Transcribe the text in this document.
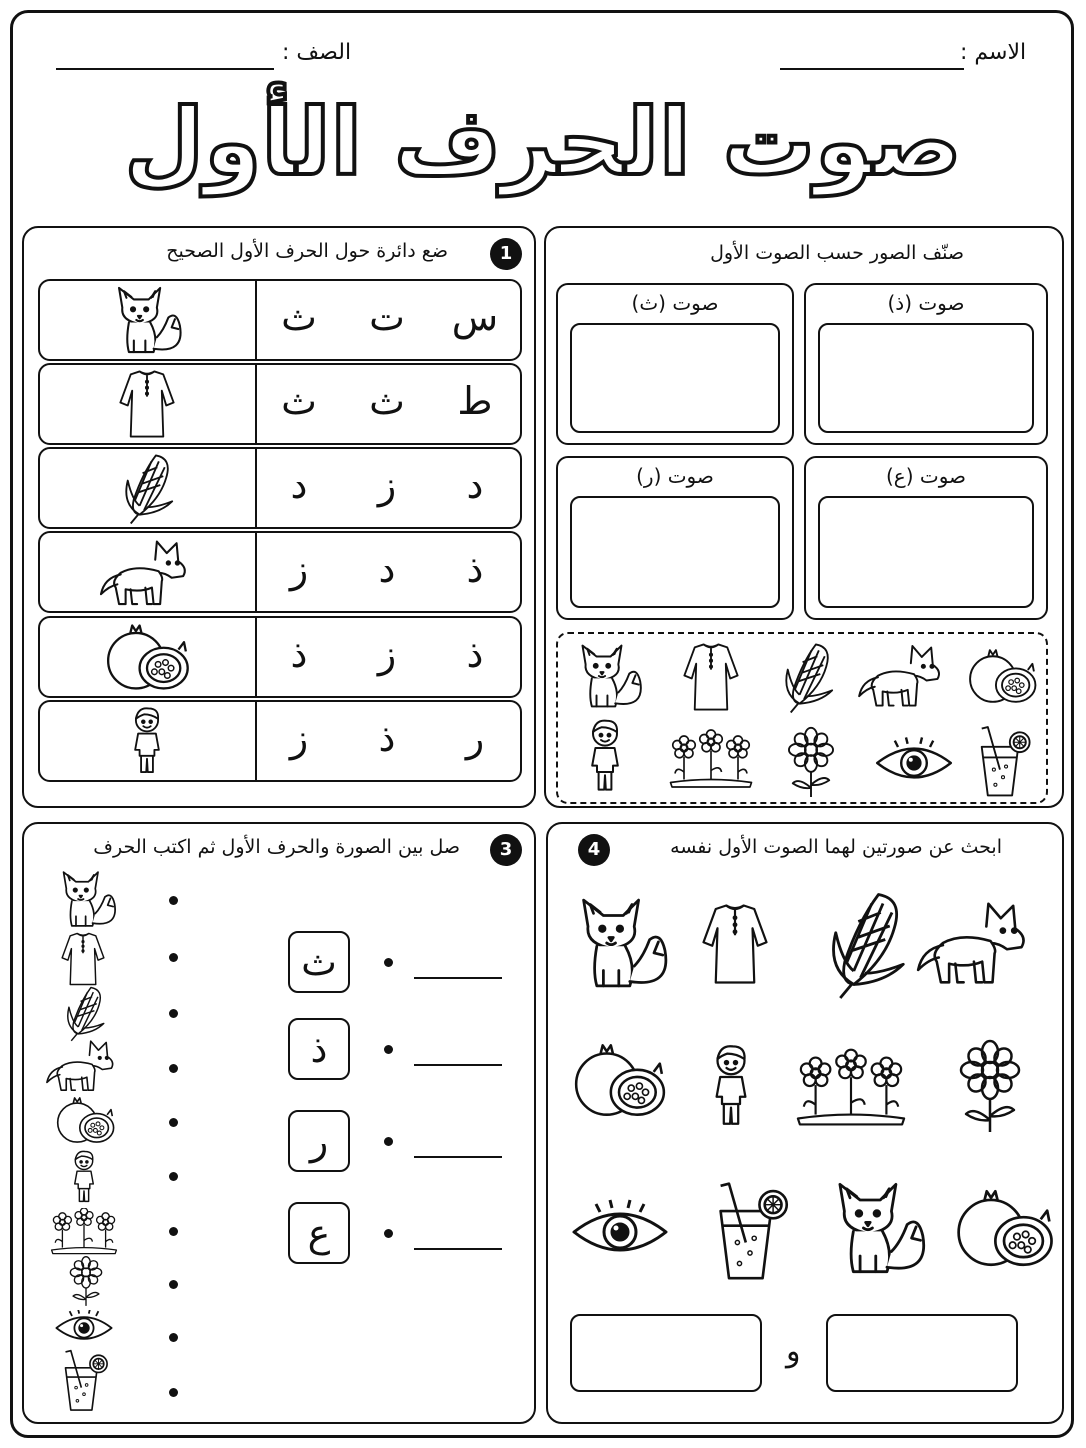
الاسم :
الصف :
صوت الحرف الأول
1
ضع دائرة حول الحرف الأول الصحيح
س
ت
ث
ط
ث
ث
د
ز
د
ذ
د
ز
ذ
ز
ذ
ر
ذ
ز
صنّف الصور حسب الصوت الأول
صوت (ذ)
صوت (ث)
صوت (ع)
صوت (ر)
3
صل بين الصورة والحرف الأول ثم اكتب الحرف
ث
ذ
ر
ع
4	ابحث عن صورتين لهما الصوت الأول نفسه
و
